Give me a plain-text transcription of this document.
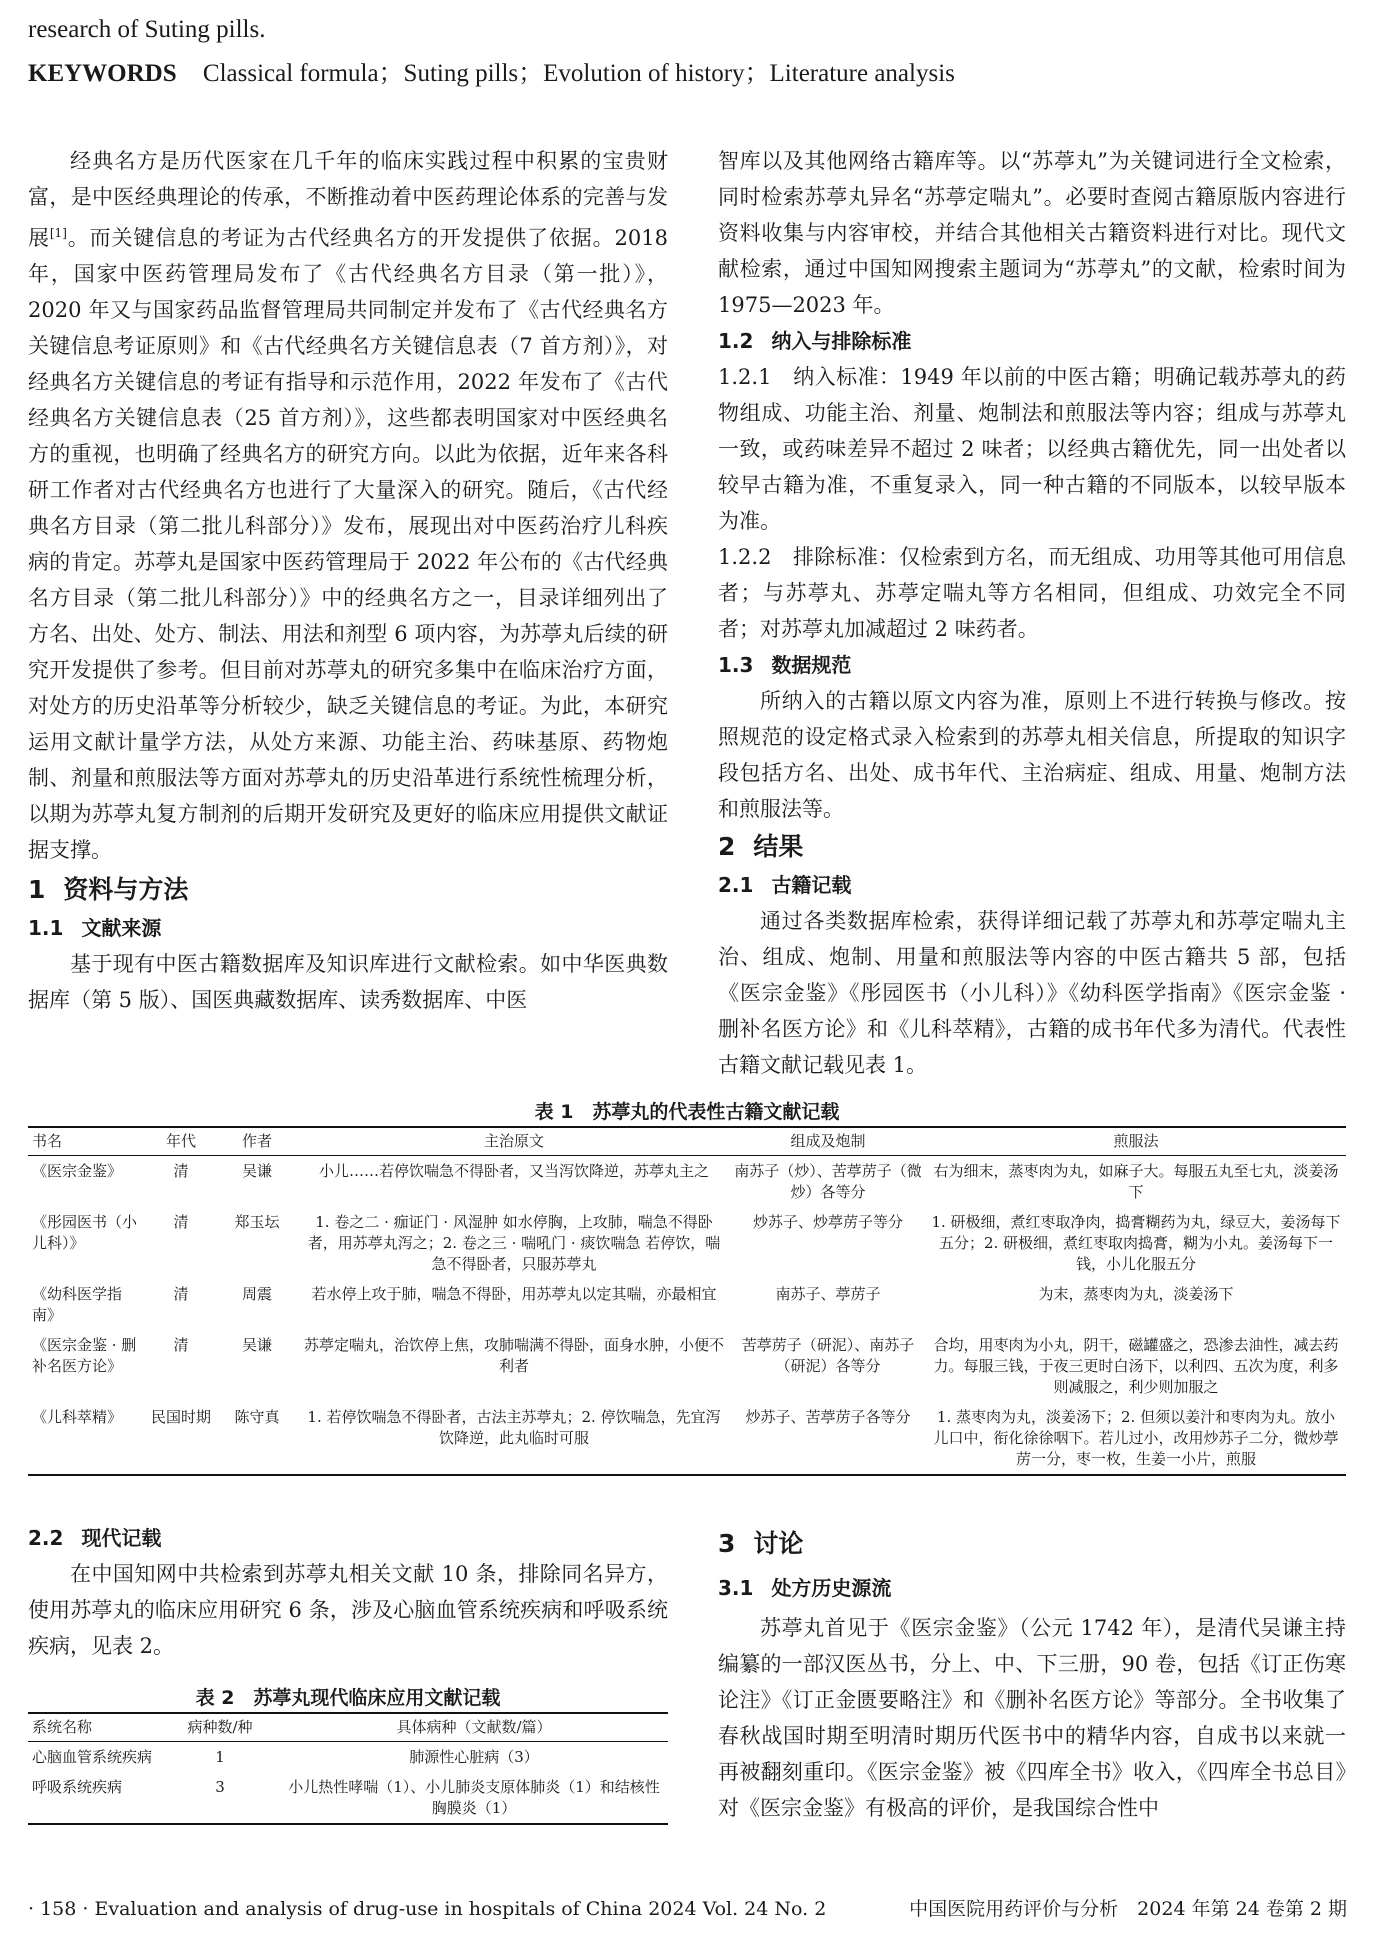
research of Suting pills.
KEYWORDS Classical formula；Suting pills；Evolution of history；Literature analysis

经典名方是历代医家在几千年的临床实践过程中积累的宝贵财富，是中医经典理论的传承，不断推动着中医药理论体系的完善与发展[1]。而关键信息的考证为古代经典名方的开发提供了依据。2018 年，国家中医药管理局发布了《古代经典名方目录（第一批）》，2020 年又与国家药品监督管理局共同制定并发布了《古代经典名方关键信息考证原则》和《古代经典名方关键信息表（7 首方剂）》，对经典名方关键信息的考证有指导和示范作用，2022 年发布了《古代经典名方关键信息表（25 首方剂）》，这些都表明国家对中医经典名方的重视，也明确了经典名方的研究方向。以此为依据，近年来各科研工作者对古代经典名方也进行了大量深入的研究。随后，《古代经典名方目录（第二批儿科部分）》发布，展现出对中医药治疗儿科疾病的肯定。苏葶丸是国家中医药管理局于 2022 年公布的《古代经典名方目录（第二批儿科部分）》中的经典名方之一，目录详细列出了方名、出处、处方、制法、用法和剂型 6 项内容，为苏葶丸后续的研究开发提供了参考。但目前对苏葶丸的研究多集中在临床治疗方面，对处方的历史沿革等分析较少，缺乏关键信息的考证。为此，本研究运用文献计量学方法，从处方来源、功能主治、药味基原、药物炮制、剂量和煎服法等方面对苏葶丸的历史沿革进行系统性梳理分析，以期为苏葶丸复方制剂的后期开发研究及更好的临床应用提供文献证据支撑。

1 资料与方法
1.1 文献来源

基于现有中医古籍数据库及知识库进行文献检索。如中华医典数据库（第 5 版）、国医典藏数据库、读秀数据库、中医

智库以及其他网络古籍库等。以“苏葶丸”为关键词进行全文检索，同时检索苏葶丸异名“苏葶定喘丸”。必要时查阅古籍原版内容进行资料收集与内容审校，并结合其他相关古籍资料进行对比。现代文献检索，通过中国知网搜索主题词为“苏葶丸”的文献，检索时间为 1975—2023 年。

1.2 纳入与排除标准

1.2.1　纳入标准：1949 年以前的中医古籍；明确记载苏葶丸的药物组成、功能主治、剂量、炮制法和煎服法等内容；组成与苏葶丸一致，或药味差异不超过 2 味者；以经典古籍优先，同一出处者以较早古籍为准，不重复录入，同一种古籍的不同版本，以较早版本为准。

1.2.2　排除标准：仅检索到方名，而无组成、功用等其他可用信息者；与苏葶丸、苏葶定喘丸等方名相同，但组成、功效完全不同者；对苏葶丸加减超过 2 味药者。

1.3 数据规范

所纳入的古籍以原文内容为准，原则上不进行转换与修改。按照规范的设定格式录入检索到的苏葶丸相关信息，所提取的知识字段包括方名、出处、成书年代、主治病症、组成、用量、炮制方法和煎服法等。

2 结果
2.1 古籍记载

通过各类数据库检索，获得详细记载了苏葶丸和苏葶定喘丸主治、组成、炮制、用量和煎服法等内容的中医古籍共 5 部，包括《医宗金鉴》《彤园医书（小儿科）》《幼科医学指南》《医宗金鉴 · 删补名医方论》和《儿科萃精》，古籍的成书年代多为清代。代表性古籍文献记载见表 1。

表 1　苏葶丸的代表性古籍文献记载
书名	年代	作者	主治原文	组成及炮制	煎服法
《医宗金鉴》	清	吴谦	小儿……若停饮喘急不得卧者，又当泻饮降逆，苏葶丸主之	南苏子（炒）、苦葶苈子（微炒）各等分	右为细末，蒸枣肉为丸，如麻子大。每服五丸至七丸，淡姜汤下
《彤园医书（小儿科）》	清	郑玉坛	1. 卷之二 · 痂证门 · 风湿肿 如水停胸，上攻肺，喘急不得卧者，用苏葶丸泻之；2. 卷之三 · 喘吼门 · 痰饮喘急 若停饮，喘急不得卧者，只服苏葶丸	炒苏子、炒葶苈子等分	1. 研极细，煮红枣取净肉，捣膏糊药为丸，绿豆大，姜汤每下五分；2. 研极细，煮红枣取肉捣膏，糊为小丸。姜汤每下一钱，小儿化服五分
《幼科医学指南》	清	周震	若水停上攻于肺，喘急不得卧，用苏葶丸以定其喘，亦最相宜	南苏子、葶苈子	为末，蒸枣肉为丸，淡姜汤下
《医宗金鉴 · 删补名医方论》	清	吴谦	苏葶定喘丸，治饮停上焦，攻肺喘满不得卧，面身水肿，小便不利者	苦葶苈子（研泥）、南苏子（研泥）各等分	合均，用枣肉为小丸，阴干，磁罐盛之，恐渗去油性，减去药力。每服三钱，于夜三更时白汤下，以利四、五次为度，利多则减服之，利少则加服之
《儿科萃精》	民国时期	陈守真	1. 若停饮喘急不得卧者，古法主苏葶丸；2. 停饮喘急，先宜泻饮降逆，此丸临时可服	炒苏子、苦葶苈子各等分	1. 蒸枣肉为丸，淡姜汤下；2. 但须以姜汁和枣肉为丸。放小儿口中，衔化徐徐咽下。若儿过小，改用炒苏子二分，微炒葶苈一分，枣一枚，生姜一小片，煎服
2.2 现代记载

在中国知网中共检索到苏葶丸相关文献 10 条，排除同名异方，使用苏葶丸的临床应用研究 6 条，涉及心脑血管系统疾病和呼吸系统疾病，见表 2。

表 2　苏葶丸现代临床应用文献记载
系统名称	病种数/种	具体病种（文献数/篇）
心脑血管系统疾病	1	肺源性心脏病（3）
呼吸系统疾病	3	小儿热性哮喘（1）、小儿肺炎支原体肺炎（1）和结核性胸膜炎（1）
3 讨论
3.1 处方历史源流

苏葶丸首见于《医宗金鉴》（公元 1742 年），是清代吴谦主持编纂的一部汉医丛书，分上、中、下三册，90 卷，包括《订正伤寒论注》《订正金匮要略注》和《删补名医方论》等部分。全书收集了春秋战国时期至明清时期历代医书中的精华内容，自成书以来就一再被翻刻重印。《医宗金鉴》被《四库全书》收入，《四库全书总目》对《医宗金鉴》有极高的评价，是我国综合性中

· 158 · Evaluation and analysis of drug-use in hospitals of China 2024 Vol. 24 No. 2	中国医院用药评价与分析　2024 年第 24 卷第 2 期
